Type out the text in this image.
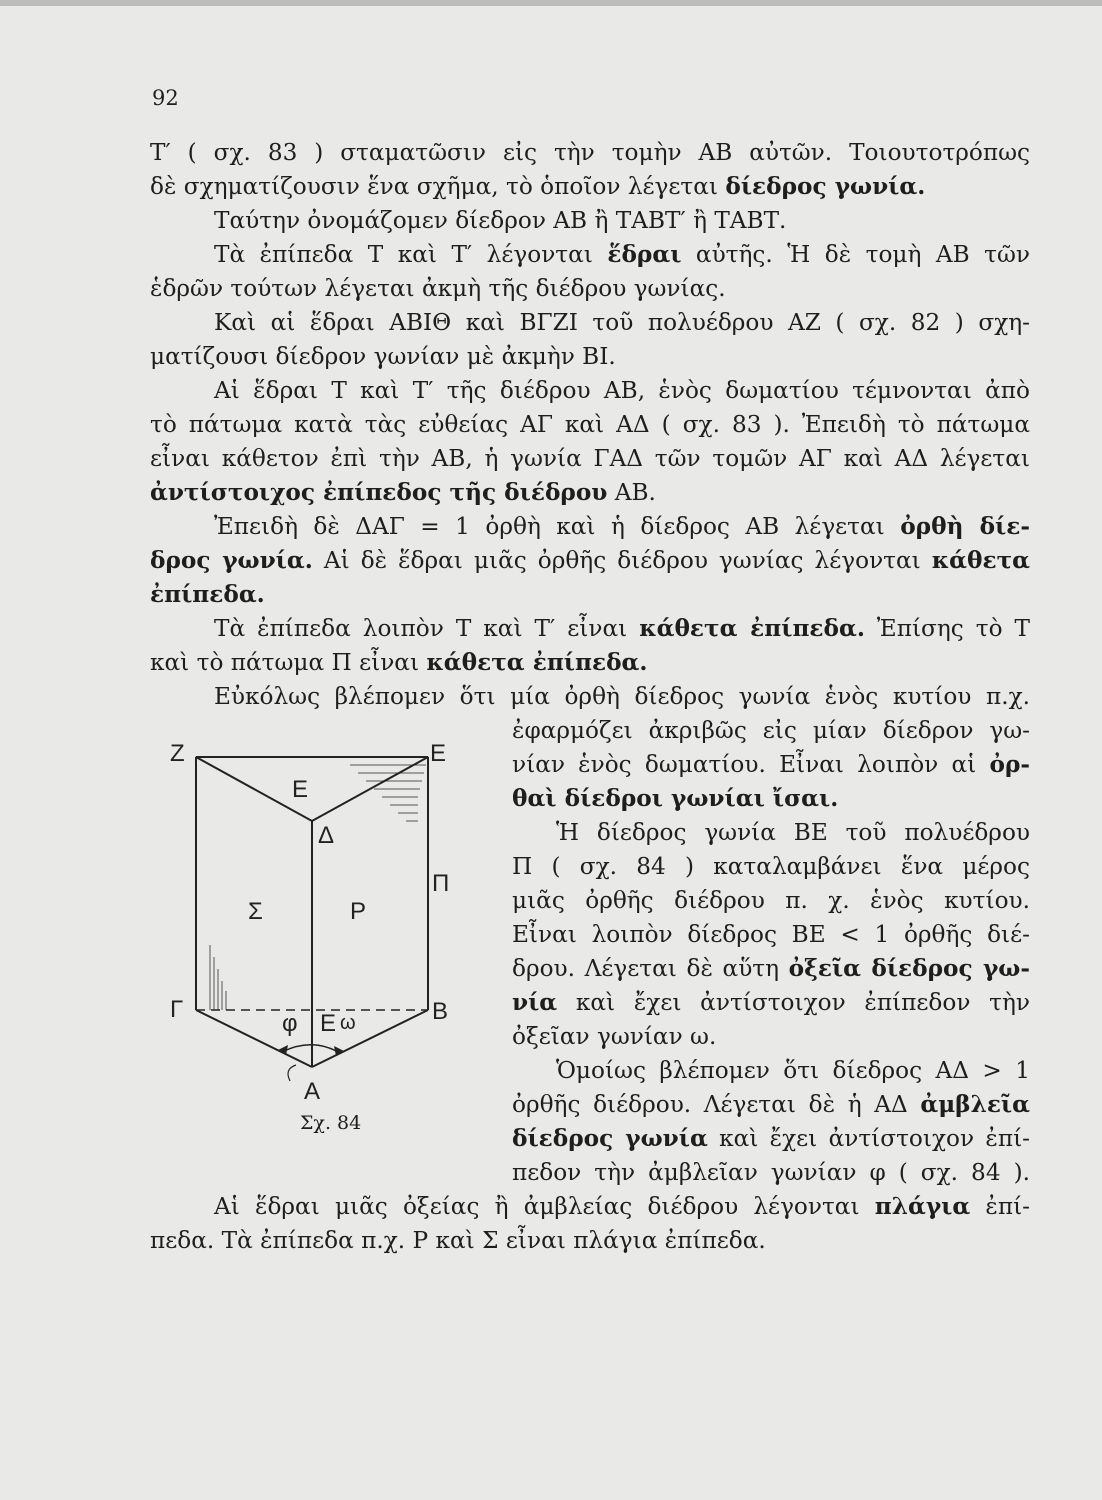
92
Τ′ ( σχ. 83 ) σταματῶσιν εἰς τὴν τομὴν ΑΒ αὐτῶν. Τοιουτοτρόπως
δὲ σχηματίζουσιν ἕνα σχῆμα, τὸ ὁποῖον λέγεται δίεδρος γωνία.
Ταύτην ὀνομάζομεν δίεδρον ΑΒ ἢ ΤΑΒΤ′ ἢ ΤΑΒΤ.
Τὰ ἐπίπεδα Τ καὶ Τ′ λέγονται ἕδραι αὐτῆς. Ἡ δὲ τομὴ ΑΒ τῶν
ἑδρῶν τούτων λέγεται ἀκμὴ τῆς διέδρου γωνίας.
Καὶ αἱ ἕδραι ΑΒΙΘ καὶ ΒΓΖΙ τοῦ πολυέδρου ΑΖ ( σχ. 82 ) σχη-
ματίζουσι δίεδρον γωνίαν μὲ ἀκμὴν ΒΙ.
Αἱ ἕδραι Τ καὶ Τ′ τῆς διέδρου ΑΒ, ἑνὸς δωματίου τέμνονται ἀπὸ
τὸ πάτωμα κατὰ τὰς εὐθείας ΑΓ καὶ ΑΔ ( σχ. 83 ). Ἐπειδὴ τὸ πάτωμα
εἶναι κάθετον ἐπὶ τὴν ΑΒ, ἡ γωνία ΓΑΔ τῶν τομῶν ΑΓ καὶ ΑΔ λέγεται
ἀντίστοιχος ἐπίπεδος τῆς διέδρου ΑΒ.
Ἐπειδὴ δὲ ΔΑΓ = 1 ὀρθὴ καὶ ἡ δίεδρος ΑΒ λέγεται ὀρθὴ δίε-
δρος γωνία. Αἱ δὲ ἕδραι μιᾶς ὀρθῆς διέδρου γωνίας λέγονται κάθετα
ἐπίπεδα.
Τὰ ἐπίπεδα λοιπὸν Τ καὶ Τ′ εἶναι κάθετα ἐπίπεδα. Ἐπίσης τὸ Τ
καὶ τὸ πάτωμα Π εἶναι κάθετα ἐπίπεδα.
Εὐκόλως βλέπομεν ὅτι μία ὀρθὴ δίεδρος γωνία ἑνὸς κυτίου π.χ.
ἐφαρμόζει ἀκριβῶς εἰς μίαν δίεδρον γω-
νίαν ἑνὸς δωματίου. Εἶναι λοιπὸν αἱ ὀρ-
θαὶ δίεδροι γωνίαι ἴσαι.
Ἡ δίεδρος γωνία ΒΕ τοῦ πολυέδρου
Π ( σχ. 84 ) καταλαμβάνει ἕνα μέρος
μιᾶς ὀρθῆς διέδρου π. χ. ἑνὸς κυτίου.
Εἶναι λοιπὸν δίεδρος ΒΕ < 1 ὀρθῆς διέ-
δρου. Λέγεται δὲ αὕτη ὀξεῖα δίεδρος γω-
νία καὶ ἔχει ἀντίστοιχον ἐπίπεδον τὴν
ὀξεῖαν γωνίαν ω.
Ὁμοίως βλέπομεν ὅτι δίεδρος ΑΔ > 1
ὀρθῆς διέδρου. Λέγεται δὲ ἡ ΑΔ ἀμβλεῖα
δίεδρος γωνία καὶ ἔχει ἀντίστοιχον ἐπί-
πεδον τὴν ἀμβλεῖαν γωνίαν φ ( σχ. 84 ).
Αἱ ἕδραι μιᾶς ὀξείας ἢ ἀμβλείας διέδρου λέγονται πλάγια ἐπί-
πεδα. Τὰ ἐπίπεδα π.χ. Ρ καὶ Σ εἶναι πλάγια ἐπίπεδα.
Z	E
E
Δ
Π
Σ	P
Γ	B
φ E ω
A
Σχ. 84
